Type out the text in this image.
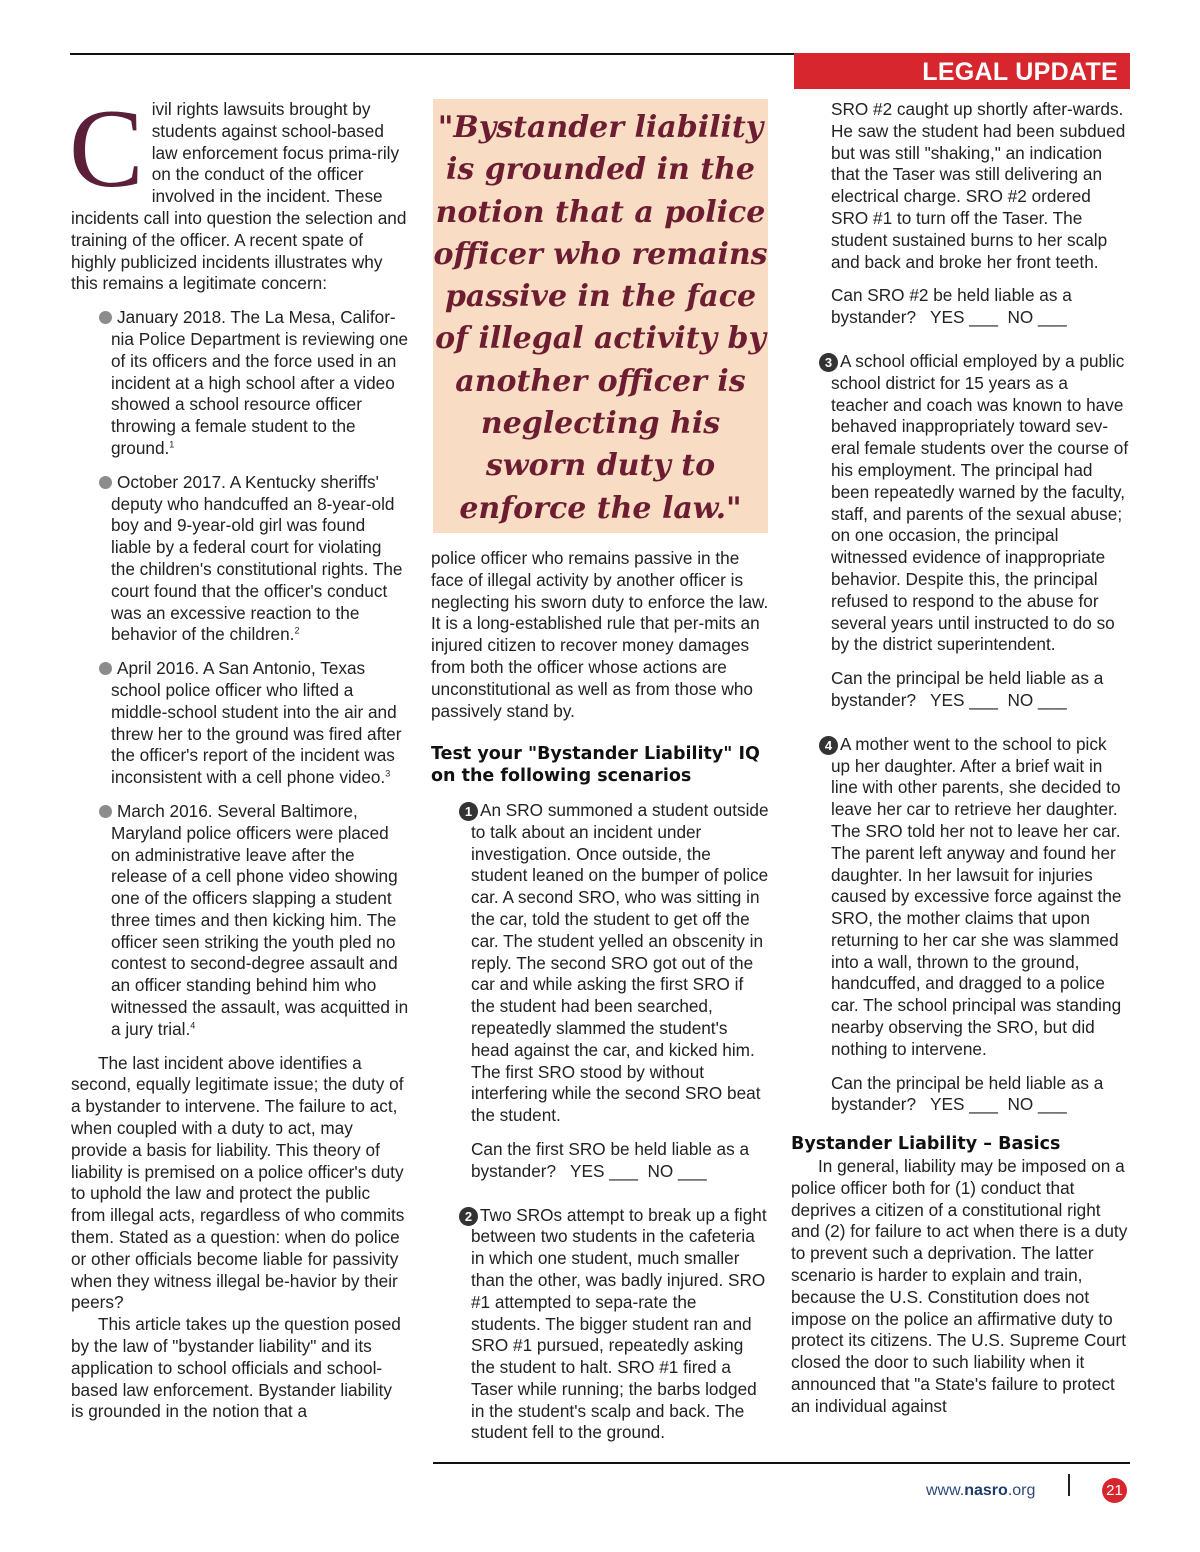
LEGAL UPDATE

Civil rights lawsuits brought by students against school-based law enforcement focus prima-rily on the conduct of the officer involved in the incident. These incidents call into question the selection and training of the officer. A recent spate of highly publicized incidents illustrates why this remains a legitimate concern:

January 2018. The La Mesa, Califor-nia Police Department is reviewing one of its officers and the force used in an incident at a high school after a video showed a school resource officer throwing a female student to the ground.$^1$

October 2017. A Kentucky sheriffs' deputy who handcuffed an 8-year-old boy and 9-year-old girl was found liable by a federal court for violating the children's constitutional rights. The court found that the officer's conduct was an excessive reaction to the behavior of the children.$^2$

April 2016. A San Antonio, Texas school police officer who lifted a middle-school student into the air and threw her to the ground was fired after the officer's report of the incident was inconsistent with a cell phone video.$^3$

March 2016. Several Baltimore, Maryland police officers were placed on administrative leave after the release of a cell phone video showing one of the officers slapping a student three times and then kicking him. The officer seen striking the youth pled no contest to second-degree assault and an officer standing behind him who witnessed the assault, was acquitted in a jury trial.$^4$

The last incident above identifies a second, equally legitimate issue; the duty of a bystander to intervene. The failure to act, when coupled with a duty to act, may provide a basis for liability. This theory of liability is premised on a police officer's duty to uphold the law and protect the public from illegal acts, regardless of who commits them. Stated as a question: when do police or other officials become liable for passivity when they witness illegal be-havior by their peers?

This article takes up the question posed by the law of "bystander liability" and its application to school officials and school-based law enforcement. Bystander liability is grounded in the notion that a

"Bystander liability is grounded in the notion that a police officer who remains passive in the face of illegal activity by another officer is neglecting his sworn duty to enforce the law."

police officer who remains passive in the face of illegal activity by another officer is neglecting his sworn duty to enforce the law. It is a long-established rule that per-mits an injured citizen to recover money damages from both the officer whose actions are unconstitutional as well as from those who passively stand by.

Test your "Bystander Liability" IQ on the following scenarios

1 An SRO summoned a student outside to talk about an incident under investigation. Once outside, the student leaned on the bumper of police car. A second SRO, who was sitting in the car, told the student to get off the car. The student yelled an obscenity in reply. The second SRO got out of the car and while asking the first SRO if the student had been searched, repeatedly slammed the student's head against the car, and kicked him. The first SRO stood by without interfering while the second SRO beat the student.

Can the first SRO be held liable as a bystander?   YES ___  NO ___

2 Two SROs attempt to break up a fight between two students in the cafeteria in which one student, much smaller than the other, was badly injured. SRO #1 attempted to sepa-rate the students. The bigger student ran and SRO #1 pursued, repeatedly asking the student to halt. SRO #1 fired a Taser while running; the barbs lodged in the student's scalp and back. The student fell to the ground.

SRO #2 caught up shortly after-wards. He saw the student had been subdued but was still "shaking," an indication that the Taser was still delivering an electrical charge. SRO #2 ordered SRO #1 to turn off the Taser. The student sustained burns to her scalp and back and broke her front teeth.

Can SRO #2 be held liable as a bystander?   YES ___  NO ___

3 A school official employed by a public school district for 15 years as a teacher and coach was known to have behaved inappropriately toward sev-eral female students over the course of his employment. The principal had been repeatedly warned by the faculty, staff, and parents of the sexual abuse; on one occasion, the principal witnessed evidence of inappropriate behavior. Despite this, the principal refused to respond to the abuse for several years until instructed to do so by the district superintendent.

Can the principal be held liable as a bystander?   YES ___  NO ___

4 A mother went to the school to pick up her daughter. After a brief wait in line with other parents, she decided to leave her car to retrieve her daughter. The SRO told her not to leave her car. The parent left anyway and found her daughter. In her lawsuit for injuries caused by excessive force against the SRO, the mother claims that upon returning to her car she was slammed into a wall, thrown to the ground, handcuffed, and dragged to a police car. The school principal was standing nearby observing the SRO, but did nothing to intervene.

Can the principal be held liable as a bystander?   YES ___  NO ___

Bystander Liability – Basics

In general, liability may be imposed on a police officer both for (1) conduct that deprives a citizen of a constitutional right and (2) for failure to act when there is a duty to prevent such a deprivation. The latter scenario is harder to explain and train, because the U.S. Constitution does not impose on the police an affirmative duty to protect its citizens. The U.S. Supreme Court closed the door to such liability when it announced that "a State's failure to protect an individual against

www.nasro.org	21
